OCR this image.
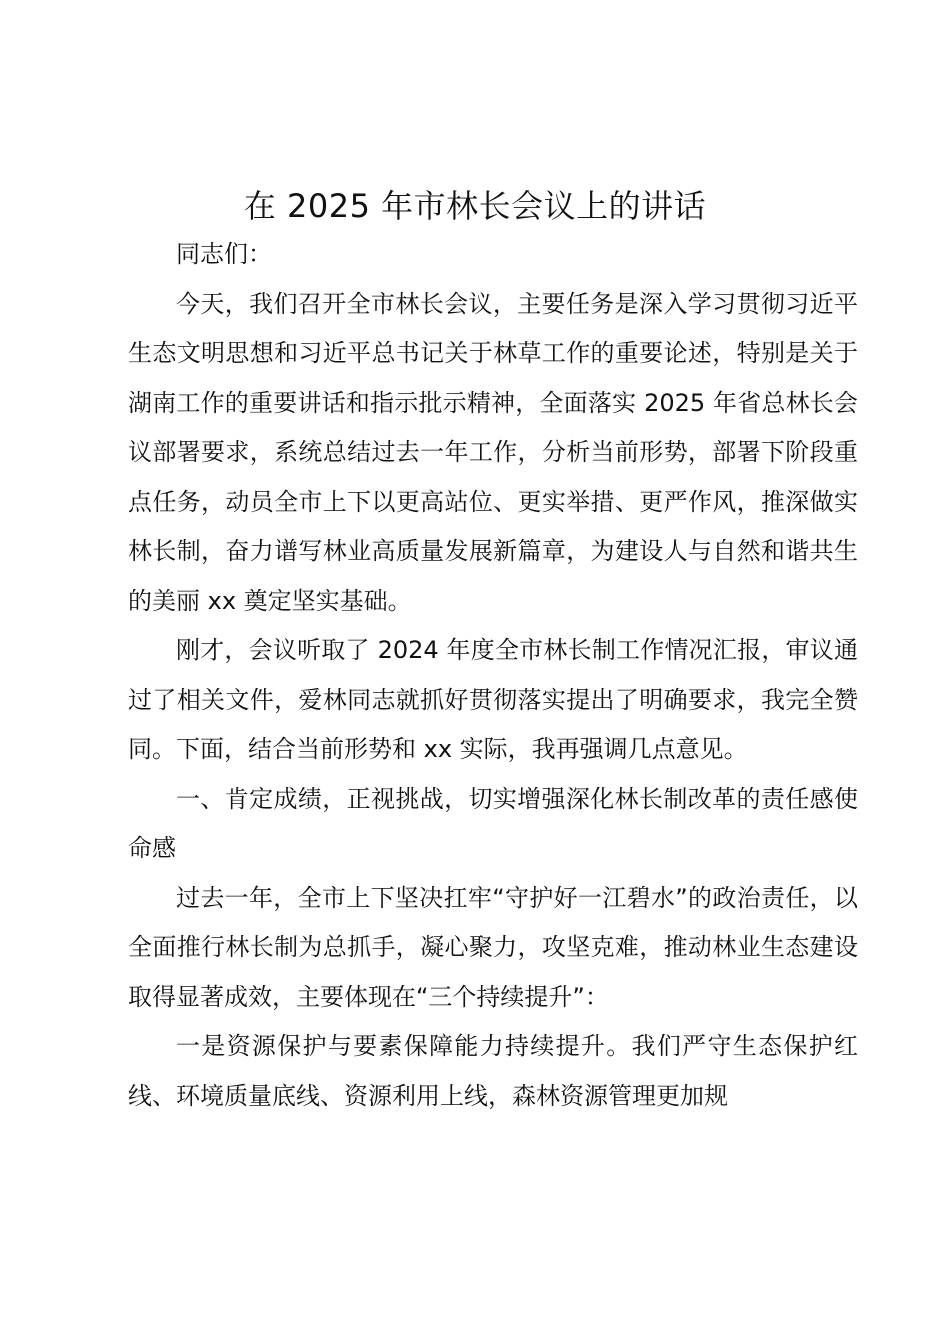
在 2025 年市林长会议上的讲话

同志们：

今天，我们召开全市林长会议，主要任务是深入学习贯彻习近平生态文明思想和习近平总书记关于林草工作的重要论述，特别是关于湖南工作的重要讲话和指示批示精神，全面落实 2025 年省总林长会议部署要求，系统总结过去一年工作，分析当前形势，部署下阶段重点任务，动员全市上下以更高站位、更实举措、更严作风，推深做实林长制，奋力谱写林业高质量发展新篇章，为建设人与自然和谐共生的美丽 xx 奠定坚实基础。

刚才，会议听取了 2024 年度全市林长制工作情况汇报，审议通过了相关文件，爱林同志就抓好贯彻落实提出了明确要求，我完全赞同。下面，结合当前形势和 xx 实际，我再强调几点意见。

一、肯定成绩，正视挑战，切实增强深化林长制改革的责任感使命感

过去一年，全市上下坚决扛牢“守护好一江碧水”的政治责任，以全面推行林长制为总抓手，凝心聚力，攻坚克难，推动林业生态建设取得显著成效，主要体现在“三个持续提升”：

一是资源保护与要素保障能力持续提升。我们严守生态保护红线、环境质量底线、资源利用上线，森林资源管理更加规
